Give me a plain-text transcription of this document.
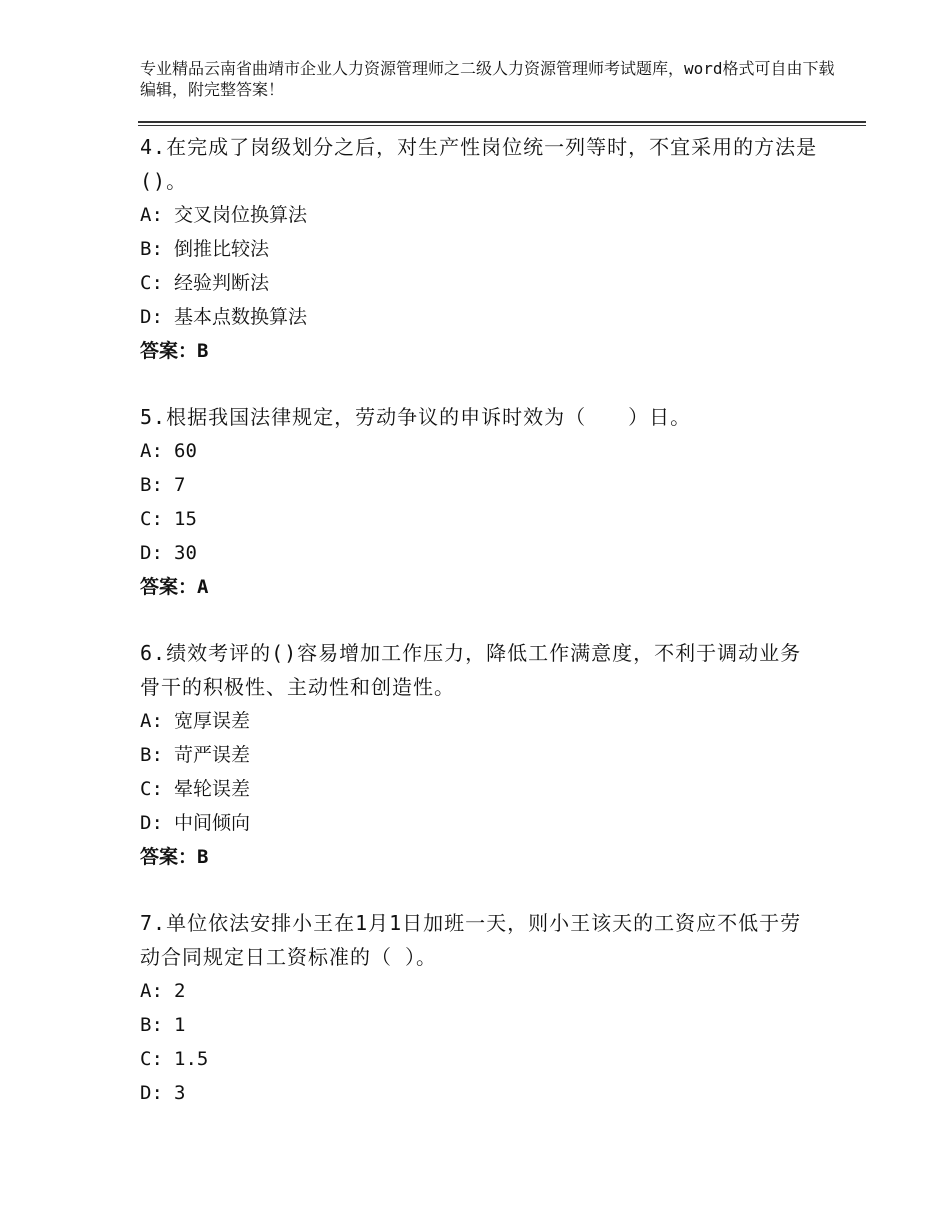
专业精品云南省曲靖市企业人力资源管理师之二级人力资源管理师考试题库，word格式可自由下载编辑，附完整答案！

4.在完成了岗级划分之后，对生产性岗位统一列等时，不宜采用的方法是()。

A: 交叉岗位换算法
B: 倒推比较法
C: 经验判断法
D: 基本点数换算法

答案：B

5.根据我国法律规定，劳动争议的申诉时效为（　　）日。

A: 60
B: 7
C: 15
D: 30

答案：A

6.绩效考评的()容易增加工作压力，降低工作满意度，不利于调动业务骨干的积极性、主动性和创造性。

A: 宽厚误差
B: 苛严误差
C: 晕轮误差
D: 中间倾向

答案：B

7.单位依法安排小王在1月1日加班一天，则小王该天的工资应不低于劳动合同规定日工资标准的（ ）。

A: 2
B: 1
C: 1.5
D: 3
